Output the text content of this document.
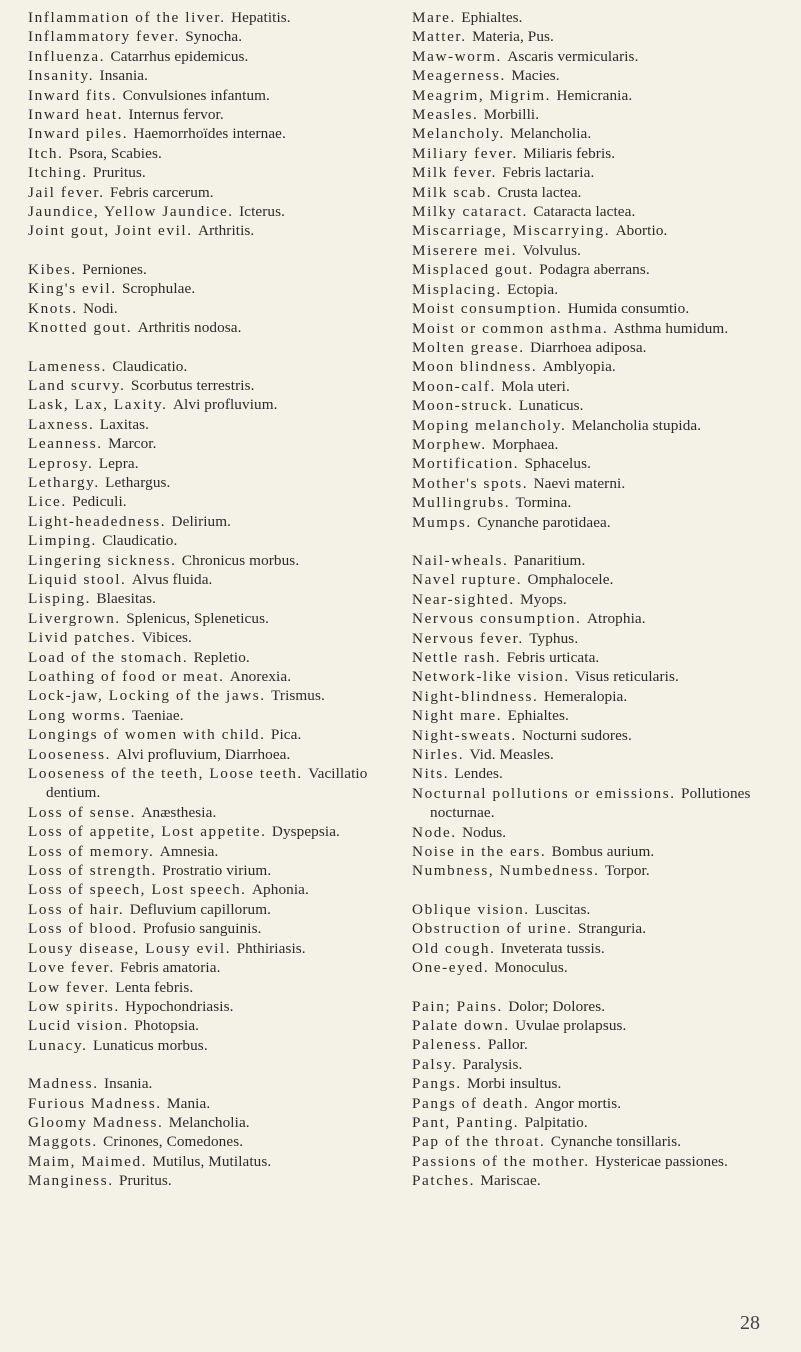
Inflammation of the liver. Hepatitis.

Inflammatory fever. Synocha.

Influenza. Catarrhus epidemicus.

Insanity. Insania.

Inward fits. Convulsiones infantum.

Inward heat. Internus fervor.

Inward piles. Haemorrhoïdes internae.

Itch. Psora, Scabies.

Itching. Pruritus.

Jail fever. Febris carcerum.

Jaundice, Yellow Jaundice. Icterus.

Joint gout, Joint evil. Arthritis.

Kibes. Perniones.

King's evil. Scrophulae.

Knots. Nodi.

Knotted gout. Arthritis nodosa.

Lameness. Claudicatio.

Land scurvy. Scorbutus terrestris.

Lask, Lax, Laxity. Alvi profluvium.

Laxness. Laxitas.

Leanness. Marcor.

Leprosy. Lepra.

Lethargy. Lethargus.

Lice. Pediculi.

Light-headedness. Delirium.

Limping. Claudicatio.

Lingering sickness. Chronicus morbus.

Liquid stool. Alvus fluida.

Lisping. Blaesitas.

Livergrown. Splenicus, Spleneticus.

Livid patches. Vibices.

Load of the stomach. Repletio.

Loathing of food or meat. Anorexia.

Lock-jaw, Locking of the jaws. Trismus.

Long worms. Taeniae.

Longings of women with child. Pica.

Looseness. Alvi profluvium, Diarrhoea.

Looseness of the teeth, Loose teeth. Vacillatio dentium.

Loss of sense. Anæsthesia.

Loss of appetite, Lost appetite. Dyspepsia.

Loss of memory. Amnesia.

Loss of strength. Prostratio virium.

Loss of speech, Lost speech. Aphonia.

Loss of hair. Defluvium capillorum.

Loss of blood. Profusio sanguinis.

Lousy disease, Lousy evil. Phthiriasis.

Love fever. Febris amatoria.

Low fever. Lenta febris.

Low spirits. Hypochondriasis.

Lucid vision. Photopsia.

Lunacy. Lunaticus morbus.

Madness. Insania.

Furious Madness. Mania.

Gloomy Madness. Melancholia.

Maggots. Crinones, Comedones.

Maim, Maimed. Mutilus, Mutilatus.

Manginess. Pruritus.

Mare. Ephialtes.

Matter. Materia, Pus.

Maw-worm. Ascaris vermicularis.

Meagerness. Macies.

Meagrim, Migrim. Hemicrania.

Measles. Morbilli.

Melancholy. Melancholia.

Miliary fever. Miliaris febris.

Milk fever. Febris lactaria.

Milk scab. Crusta lactea.

Milky cataract. Cataracta lactea.

Miscarriage, Miscarrying. Abortio.

Miserere mei. Volvulus.

Misplaced gout. Podagra aberrans.

Misplacing. Ectopia.

Moist consumption. Humida consumtio.

Moist or common asthma. Asthma humidum.

Molten grease. Diarrhoea adiposa.

Moon blindness. Amblyopia.

Moon-calf. Mola uteri.

Moon-struck. Lunaticus.

Moping melancholy. Melancholia stupida.

Morphew. Morphaea.

Mortification. Sphacelus.

Mother's spots. Naevi materni.

Mullingrubs. Tormina.

Mumps. Cynanche parotidaea.

Nail-wheals. Panaritium.

Navel rupture. Omphalocele.

Near-sighted. Myops.

Nervous consumption. Atrophia.

Nervous fever. Typhus.

Nettle rash. Febris urticata.

Network-like vision. Visus reticularis.

Night-blindness. Hemeralopia.

Night mare. Ephialtes.

Night-sweats. Nocturni sudores.

Nirles. Vid. Measles.

Nits. Lendes.

Nocturnal pollutions or emissions. Pollutiones nocturnae.

Node. Nodus.

Noise in the ears. Bombus aurium.

Numbness, Numbedness. Torpor.

Oblique vision. Luscitas.

Obstruction of urine. Stranguria.

Old cough. Inveterata tussis.

One-eyed. Monoculus.

Pain; Pains. Dolor; Dolores.

Palate down. Uvulae prolapsus.

Paleness. Pallor.

Palsy. Paralysis.

Pangs. Morbi insultus.

Pangs of death. Angor mortis.

Pant, Panting. Palpitatio.

Pap of the throat. Cynanche tonsillaris.

Passions of the mother. Hystericae passiones.

Patches. Mariscae.

28
